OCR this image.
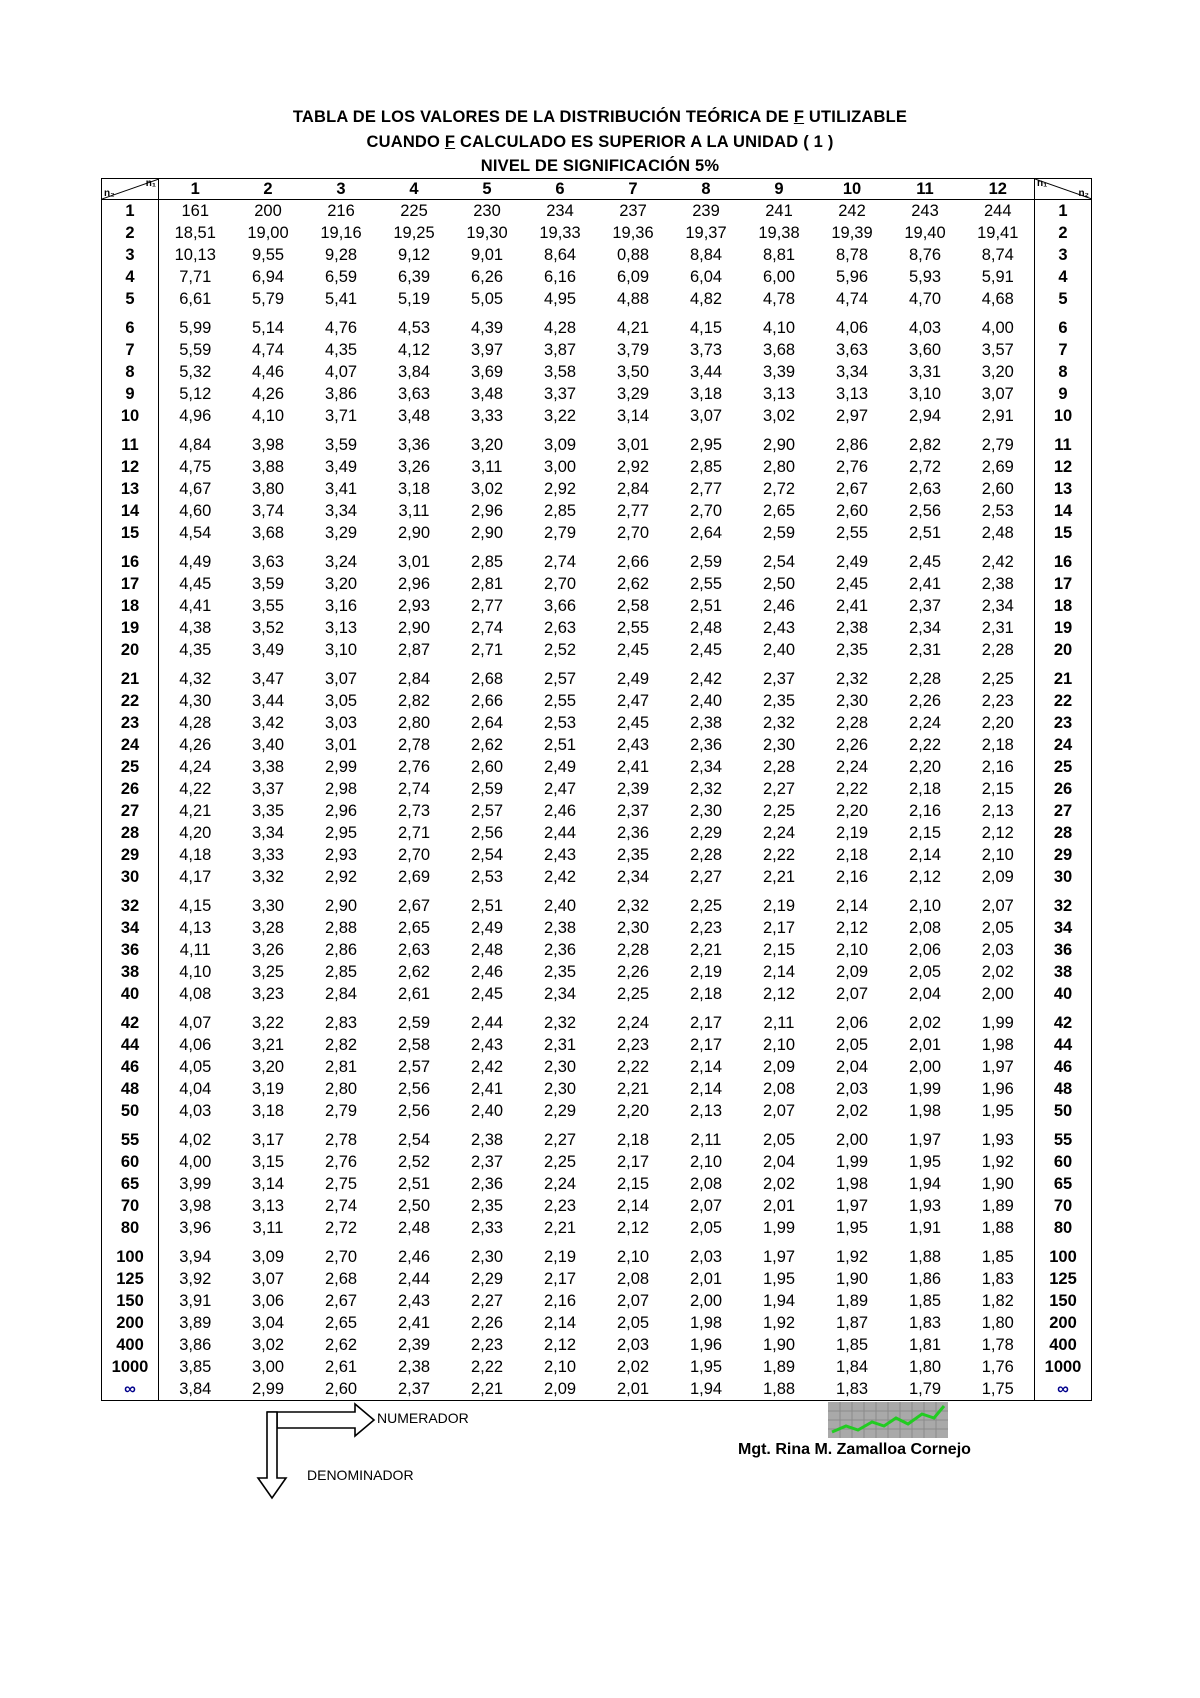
TABLA DE LOS VALORES DE LA DISTRIBUCIÓN TEÓRICA DE F UTILIZABLE
CUANDO F CALCULADO ES SUPERIOR A LA UNIDAD ( 1 )
NIVEL DE SIGNIFICACIÓN 5%
n₁
n₂	1	2	3	4	5	6	7	8	9	10	11	12	n₁
n₂

1	161	200	216	225	230	234	237	239	241	242	243	244	1
2	18,51	19,00	19,16	19,25	19,30	19,33	19,36	19,37	19,38	19,39	19,40	19,41	2
3	10,13	9,55	9,28	9,12	9,01	8,64	0,88	8,84	8,81	8,78	8,76	8,74	3
4	7,71	6,94	6,59	6,39	6,26	6,16	6,09	6,04	6,00	5,96	5,93	5,91	4
5	6,61	5,79	5,41	5,19	5,05	4,95	4,88	4,82	4,78	4,74	4,70	4,68	5
6	5,99	5,14	4,76	4,53	4,39	4,28	4,21	4,15	4,10	4,06	4,03	4,00	6
7	5,59	4,74	4,35	4,12	3,97	3,87	3,79	3,73	3,68	3,63	3,60	3,57	7
8	5,32	4,46	4,07	3,84	3,69	3,58	3,50	3,44	3,39	3,34	3,31	3,20	8
9	5,12	4,26	3,86	3,63	3,48	3,37	3,29	3,18	3,13	3,13	3,10	3,07	9
10	4,96	4,10	3,71	3,48	3,33	3,22	3,14	3,07	3,02	2,97	2,94	2,91	10
11	4,84	3,98	3,59	3,36	3,20	3,09	3,01	2,95	2,90	2,86	2,82	2,79	11
12	4,75	3,88	3,49	3,26	3,11	3,00	2,92	2,85	2,80	2,76	2,72	2,69	12
13	4,67	3,80	3,41	3,18	3,02	2,92	2,84	2,77	2,72	2,67	2,63	2,60	13
14	4,60	3,74	3,34	3,11	2,96	2,85	2,77	2,70	2,65	2,60	2,56	2,53	14
15	4,54	3,68	3,29	2,90	2,90	2,79	2,70	2,64	2,59	2,55	2,51	2,48	15
16	4,49	3,63	3,24	3,01	2,85	2,74	2,66	2,59	2,54	2,49	2,45	2,42	16
17	4,45	3,59	3,20	2,96	2,81	2,70	2,62	2,55	2,50	2,45	2,41	2,38	17
18	4,41	3,55	3,16	2,93	2,77	3,66	2,58	2,51	2,46	2,41	2,37	2,34	18
19	4,38	3,52	3,13	2,90	2,74	2,63	2,55	2,48	2,43	2,38	2,34	2,31	19
20	4,35	3,49	3,10	2,87	2,71	2,52	2,45	2,45	2,40	2,35	2,31	2,28	20
21	4,32	3,47	3,07	2,84	2,68	2,57	2,49	2,42	2,37	2,32	2,28	2,25	21
22	4,30	3,44	3,05	2,82	2,66	2,55	2,47	2,40	2,35	2,30	2,26	2,23	22
23	4,28	3,42	3,03	2,80	2,64	2,53	2,45	2,38	2,32	2,28	2,24	2,20	23
24	4,26	3,40	3,01	2,78	2,62	2,51	2,43	2,36	2,30	2,26	2,22	2,18	24
25	4,24	3,38	2,99	2,76	2,60	2,49	2,41	2,34	2,28	2,24	2,20	2,16	25
26	4,22	3,37	2,98	2,74	2,59	2,47	2,39	2,32	2,27	2,22	2,18	2,15	26
27	4,21	3,35	2,96	2,73	2,57	2,46	2,37	2,30	2,25	2,20	2,16	2,13	27
28	4,20	3,34	2,95	2,71	2,56	2,44	2,36	2,29	2,24	2,19	2,15	2,12	28
29	4,18	3,33	2,93	2,70	2,54	2,43	2,35	2,28	2,22	2,18	2,14	2,10	29
30	4,17	3,32	2,92	2,69	2,53	2,42	2,34	2,27	2,21	2,16	2,12	2,09	30
32	4,15	3,30	2,90	2,67	2,51	2,40	2,32	2,25	2,19	2,14	2,10	2,07	32
34	4,13	3,28	2,88	2,65	2,49	2,38	2,30	2,23	2,17	2,12	2,08	2,05	34
36	4,11	3,26	2,86	2,63	2,48	2,36	2,28	2,21	2,15	2,10	2,06	2,03	36
38	4,10	3,25	2,85	2,62	2,46	2,35	2,26	2,19	2,14	2,09	2,05	2,02	38
40	4,08	3,23	2,84	2,61	2,45	2,34	2,25	2,18	2,12	2,07	2,04	2,00	40
42	4,07	3,22	2,83	2,59	2,44	2,32	2,24	2,17	2,11	2,06	2,02	1,99	42
44	4,06	3,21	2,82	2,58	2,43	2,31	2,23	2,17	2,10	2,05	2,01	1,98	44
46	4,05	3,20	2,81	2,57	2,42	2,30	2,22	2,14	2,09	2,04	2,00	1,97	46
48	4,04	3,19	2,80	2,56	2,41	2,30	2,21	2,14	2,08	2,03	1,99	1,96	48
50	4,03	3,18	2,79	2,56	2,40	2,29	2,20	2,13	2,07	2,02	1,98	1,95	50
55	4,02	3,17	2,78	2,54	2,38	2,27	2,18	2,11	2,05	2,00	1,97	1,93	55
60	4,00	3,15	2,76	2,52	2,37	2,25	2,17	2,10	2,04	1,99	1,95	1,92	60
65	3,99	3,14	2,75	2,51	2,36	2,24	2,15	2,08	2,02	1,98	1,94	1,90	65
70	3,98	3,13	2,74	2,50	2,35	2,23	2,14	2,07	2,01	1,97	1,93	1,89	70
80	3,96	3,11	2,72	2,48	2,33	2,21	2,12	2,05	1,99	1,95	1,91	1,88	80
100	3,94	3,09	2,70	2,46	2,30	2,19	2,10	2,03	1,97	1,92	1,88	1,85	100
125	3,92	3,07	2,68	2,44	2,29	2,17	2,08	2,01	1,95	1,90	1,86	1,83	125
150	3,91	3,06	2,67	2,43	2,27	2,16	2,07	2,00	1,94	1,89	1,85	1,82	150
200	3,89	3,04	2,65	2,41	2,26	2,14	2,05	1,98	1,92	1,87	1,83	1,80	200
400	3,86	3,02	2,62	2,39	2,23	2,12	2,03	1,96	1,90	1,85	1,81	1,78	400
1000	3,85	3,00	2,61	2,38	2,22	2,10	2,02	1,95	1,89	1,84	1,80	1,76	1000
∞	3,84	2,99	2,60	2,37	2,21	2,09	2,01	1,94	1,88	1,83	1,79	1,75	∞
NUMERADOR
DENOMINADOR
Mgt. Rina M. Zamalloa Cornejo
